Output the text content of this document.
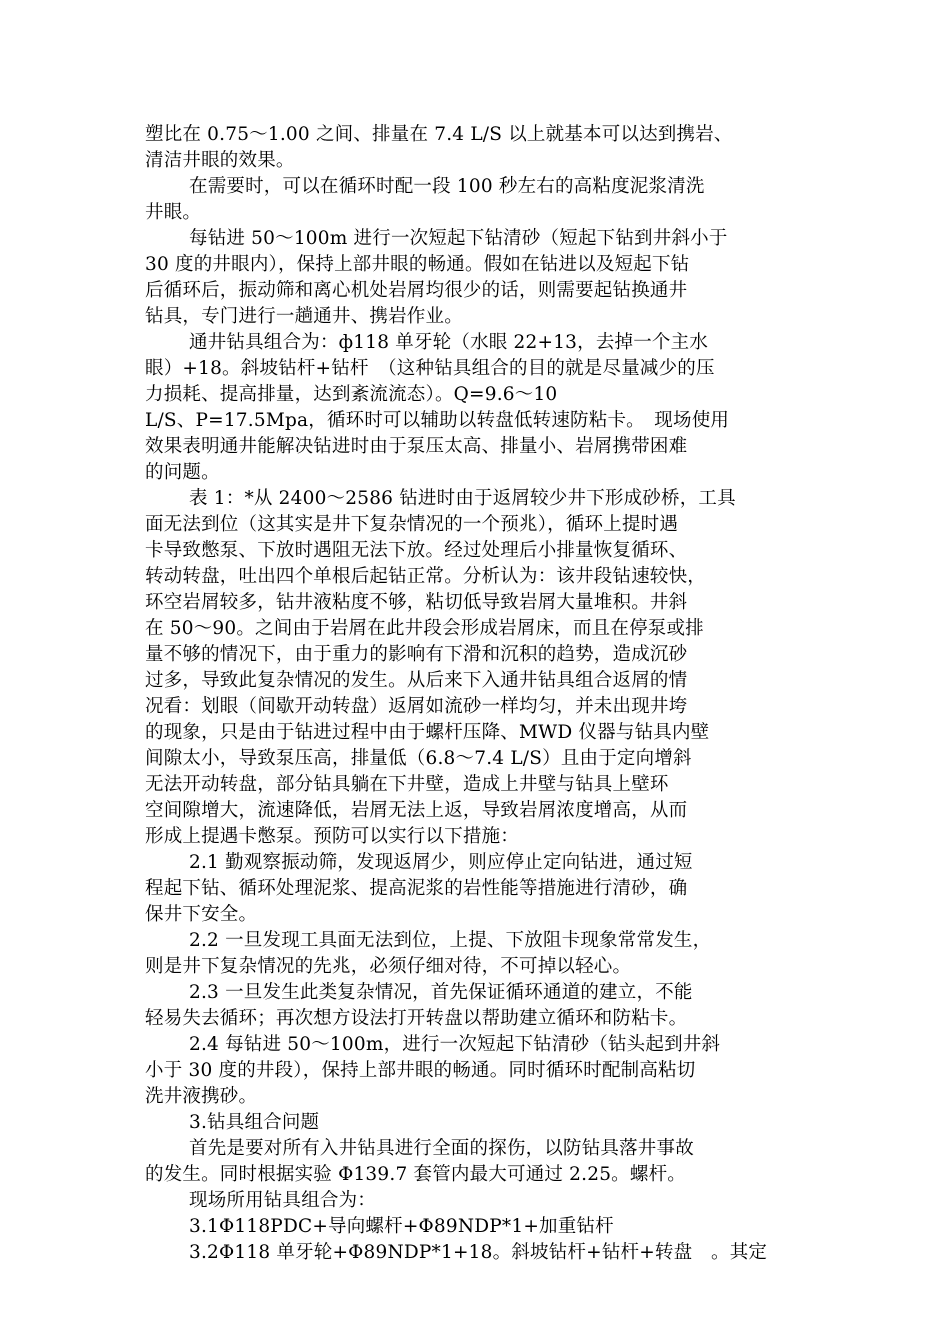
塑比在 0.75～1.00 之间、排量在 7.4 L/S 以上就基本可以达到携岩、
清洁井眼的效果。
在需要时，可以在循环时配一段 100 秒左右的高粘度泥浆清洗
井眼。
每钻进 50～100m 进行一次短起下钻清砂（短起下钻到井斜小于
30 度的井眼内），保持上部井眼的畅通。假如在钻进以及短起下钻
后循环后，振动筛和离心机处岩屑均很少的话，则需要起钻换通井
钻具，专门进行一趟通井、携岩作业。
通井钻具组合为：ф118 单牙轮（水眼 22+13，去掉一个主水
眼）+18。斜坡钻杆+钻杆　（这种钻具组合的目的就是尽量减少的压
力损耗、提高排量，达到紊流流态）。Q=9.6～10
L/S、P=17.5Mpa，循环时可以辅助以转盘低转速防粘卡。　现场使用
效果表明通井能解决钻进时由于泵压太高、排量小、岩屑携带困难
的问题。
表 1：*从 2400～2586 钻进时由于返屑较少井下形成砂桥，工具
面无法到位（这其实是井下复杂情况的一个预兆），循环上提时遇
卡导致憋泵、下放时遇阻无法下放。经过处理后小排量恢复循环、
转动转盘，吐出四个单根后起钻正常。分析认为：该井段钻速较快，
环空岩屑较多，钻井液粘度不够，粘切低导致岩屑大量堆积。井斜
在 50～90。之间由于岩屑在此井段会形成岩屑床，而且在停泵或排
量不够的情况下，由于重力的影响有下滑和沉积的趋势，造成沉砂
过多，导致此复杂情况的发生。从后来下入通井钻具组合返屑的情
况看：划眼（间歇开动转盘）返屑如流砂一样均匀，并未出现井垮
的现象，只是由于钻进过程中由于螺杆压降、MWD 仪器与钻具内壁
间隙太小，导致泵压高，排量低（6.8～7.4 L/S）且由于定向增斜
无法开动转盘，部分钻具躺在下井壁，造成上井壁与钻具上壁环
空间隙增大，流速降低，岩屑无法上返，导致岩屑浓度增高，从而
形成上提遇卡憋泵。预防可以实行以下措施：
2.1 勤观察振动筛，发现返屑少，则应停止定向钻进，通过短
程起下钻、循环处理泥浆、提高泥浆的岩性能等措施进行清砂，确
保井下安全。
2.2 一旦发现工具面无法到位，上提、下放阻卡现象常常发生，
则是井下复杂情况的先兆，必须仔细对待，不可掉以轻心。
2.3 一旦发生此类复杂情况，首先保证循环通道的建立，不能
轻易失去循环；再次想方设法打开转盘以帮助建立循环和防粘卡。
2.4 每钻进 50～100m，进行一次短起下钻清砂（钻头起到井斜
小于 30 度的井段），保持上部井眼的畅通。同时循环时配制高粘切
洗井液携砂。
3.钻具组合问题
首先是要对所有入井钻具进行全面的探伤，以防钻具落井事故
的发生。同时根据实验 Φ139.7 套管内最大可通过 2.25。螺杆。
现场所用钻具组合为：
3.1Φ118PDC+导向螺杆+Φ89NDP*1+加重钻杆
3.2Φ118 单牙轮+Φ89NDP*1+18。斜坡钻杆+钻杆+转盘　。其定
